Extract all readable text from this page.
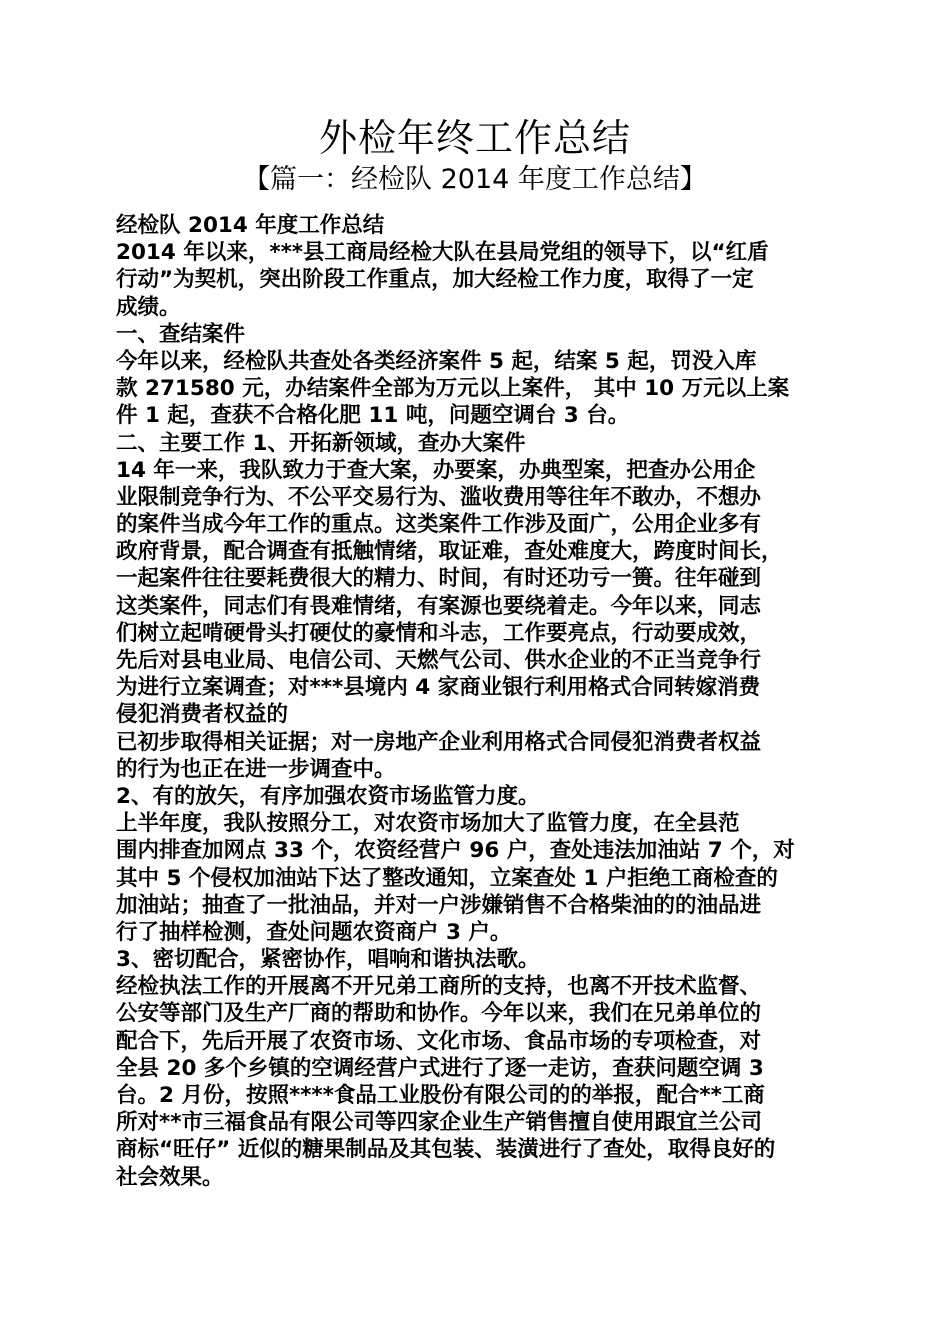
外检年终工作总结
【篇一：经检队 2014 年度工作总结】
经检队 2014 年度工作总结
2014 年以来，***县工商局经检大队在县局党组的领导下，以“红盾
行动”为契机，突出阶段工作重点，加大经检工作力度，取得了一定
成绩。
一、查结案件
今年以来，经检队共查处各类经济案件 5 起，结案 5 起，罚没入库
款 271580 元，办结案件全部为万元以上案件， 其中 10 万元以上案
件 1 起，查获不合格化肥 11 吨，问题空调台 3 台。
二、主要工作 1、开拓新领域，查办大案件
14 年一来，我队致力于查大案，办要案，办典型案，把查办公用企
业限制竞争行为、不公平交易行为、滥收费用等往年不敢办，不想办
的案件当成今年工作的重点。这类案件工作涉及面广，公用企业多有
政府背景，配合调查有抵触情绪，取证难，查处难度大，跨度时间长，
一起案件往往要耗费很大的精力、时间，有时还功亏一篑。往年碰到
这类案件，同志们有畏难情绪，有案源也要绕着走。今年以来，同志
们树立起啃硬骨头打硬仗的豪情和斗志，工作要亮点，行动要成效，
先后对县电业局、电信公司、天燃气公司、供水企业的不正当竞争行
为进行立案调查；对***县境内 4 家商业银行利用格式合同转嫁消费
侵犯消费者权益的
已初步取得相关证据；对一房地产企业利用格式合同侵犯消费者权益
的行为也正在进一步调查中。
2、有的放矢，有序加强农资市场监管力度。
上半年度，我队按照分工，对农资市场加大了监管力度，在全县范
围内排查加网点 33 个，农资经营户 96 户，查处违法加油站 7 个，对
其中 5 个侵权加油站下达了整改通知，立案查处 1 户拒绝工商检查的
加油站；抽查了一批油品，并对一户涉嫌销售不合格柴油的的油品进
行了抽样检测，查处问题农资商户 3 户。
3、密切配合，紧密协作，唱响和谐执法歌。
经检执法工作的开展离不开兄弟工商所的支持，也离不开技术监督、
公安等部门及生产厂商的帮助和协作。今年以来，我们在兄弟单位的
配合下，先后开展了农资市场、文化市场、食品市场的专项检查，对
全县 20 多个乡镇的空调经营户式进行了逐一走访，查获问题空调 3
台。2 月份，按照****食品工业股份有限公司的的举报，配合**工商
所对**市三福食品有限公司等四家企业生产销售擅自使用跟宜兰公司
商标“旺仔” 近似的糖果制品及其包装、装潢进行了查处，取得良好的
社会效果。
